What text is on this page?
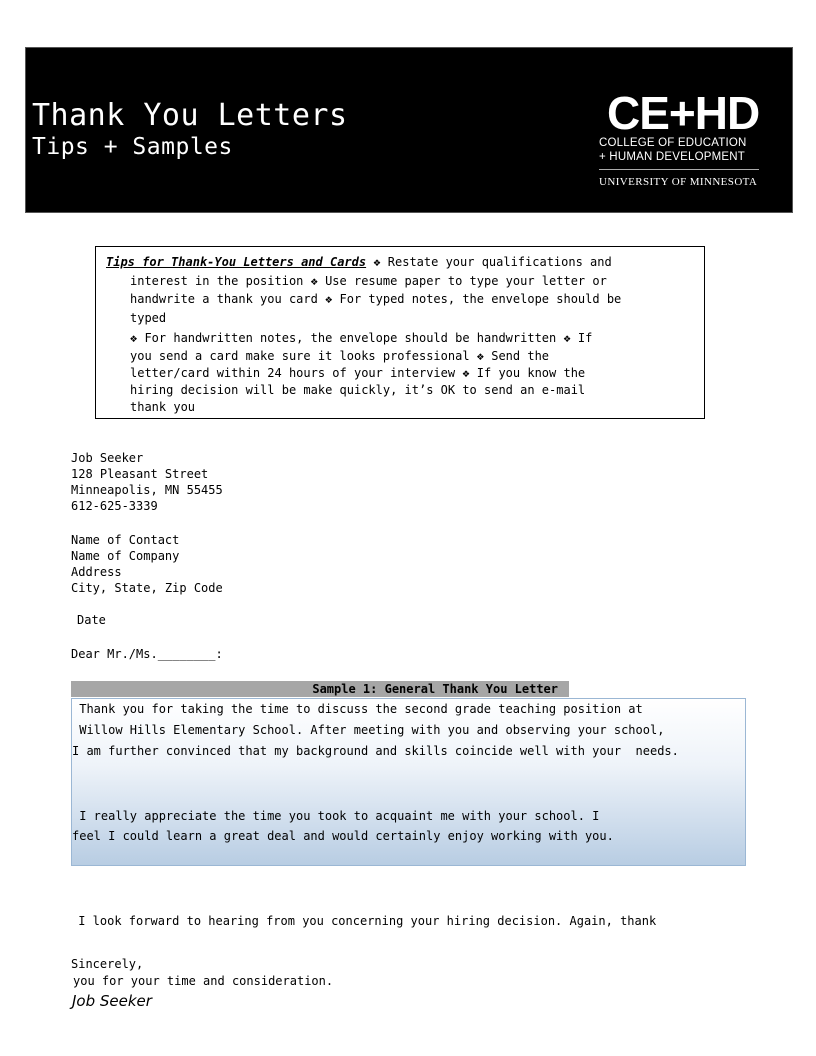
Thank You Letters
Tips + Samples
CE+HD
COLLEGE OF EDUCATION
+ HUMAN DEVELOPMENT
UNIVERSITY OF MINNESOTA
Tips for Thank-You Letters and Cards ❖ Restate your qualifications and
interest in the position ❖ Use resume paper to type your letter or
handwrite a thank you card ❖ For typed notes, the envelope should be
typed
❖ For handwritten notes, the envelope should be handwritten ❖ If
you send a card make sure it looks professional ❖ Send the
letter/card within 24 hours of your interview ❖ If you know the
hiring decision will be make quickly, it’s OK to send an e-mail
thank you
Job Seeker
128 Pleasant Street
Minneapolis, MN 55455
612-625-3339
Name of Contact
Name of Company
Address
City, State, Zip Code
Date
Dear Mr./Ms.________:
Sample 1: General Thank You Letter

Thank you for taking the time to discuss the second grade teaching position at

Willow Hills Elementary School. After meeting with you and observing your school,

I am further convinced that my background and skills coincide well with your  needs.

I really appreciate the time you took to acquaint me with your school. I

feel I could learn a great deal and would certainly enjoy working with you.

I look forward to hearing from you concerning your hiring decision. Again, thank

you for your time and consideration.

Sincerely,
Job Seeker
